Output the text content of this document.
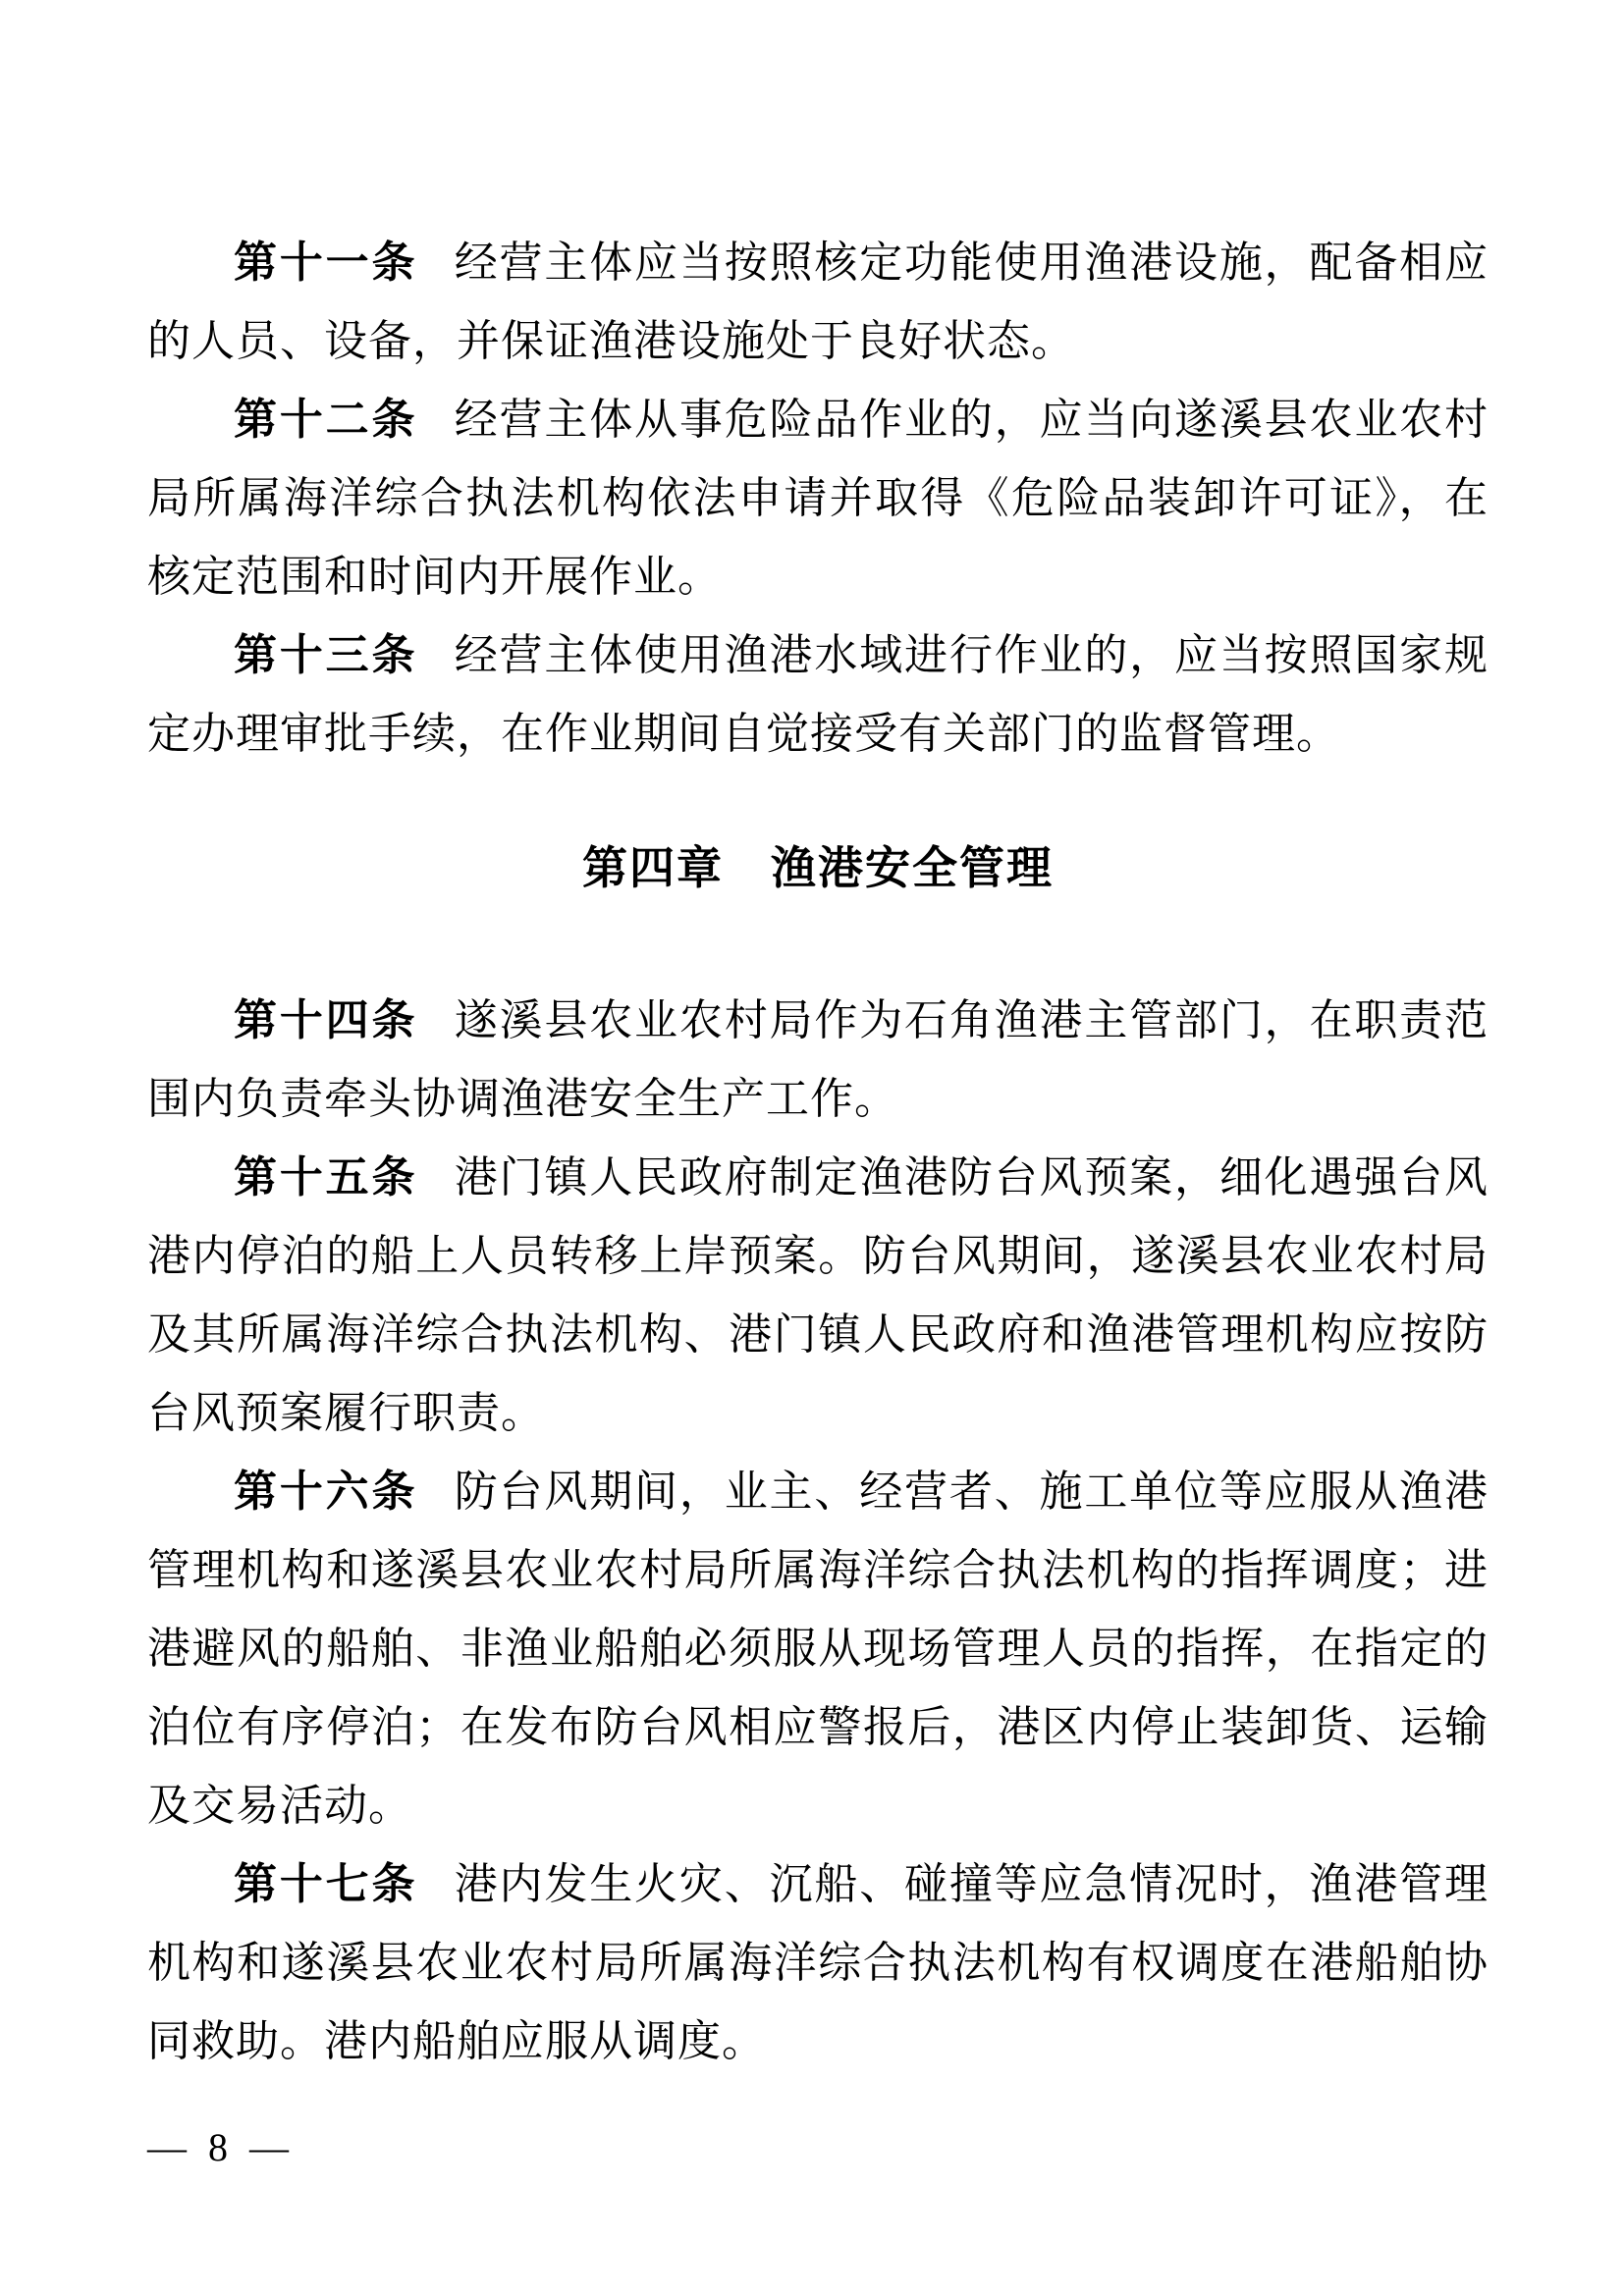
第十一条 经营主体应当按照核定功能使用渔港设施，配备相应的人员、设备，并保证渔港设施处于良好状态。

第十二条 经营主体从事危险品作业的，应当向遂溪县农业农村局所属海洋综合执法机构依法申请并取得《危险品装卸许可证》，在核定范围和时间内开展作业。

第十三条 经营主体使用渔港水域进行作业的，应当按照国家规定办理审批手续，在作业期间自觉接受有关部门的监督管理。

第四章　渔港安全管理

第十四条 遂溪县农业农村局作为石角渔港主管部门，在职责范围内负责牵头协调渔港安全生产工作。

第十五条 港门镇人民政府制定渔港防台风预案，细化遇强台风港内停泊的船上人员转移上岸预案。防台风期间，遂溪县农业农村局及其所属海洋综合执法机构、港门镇人民政府和渔港管理机构应按防台风预案履行职责。

第十六条 防台风期间，业主、经营者、施工单位等应服从渔港管理机构和遂溪县农业农村局所属海洋综合执法机构的指挥调度；进港避风的船舶、非渔业船舶必须服从现场管理人员的指挥，在指定的泊位有序停泊；在发布防台风相应警报后，港区内停止装卸货、运输及交易活动。

第十七条 港内发生火灾、沉船、碰撞等应急情况时，渔港管理机构和遂溪县农业农村局所属海洋综合执法机构有权调度在港船舶协同救助。港内船舶应服从调度。

— 8 —
